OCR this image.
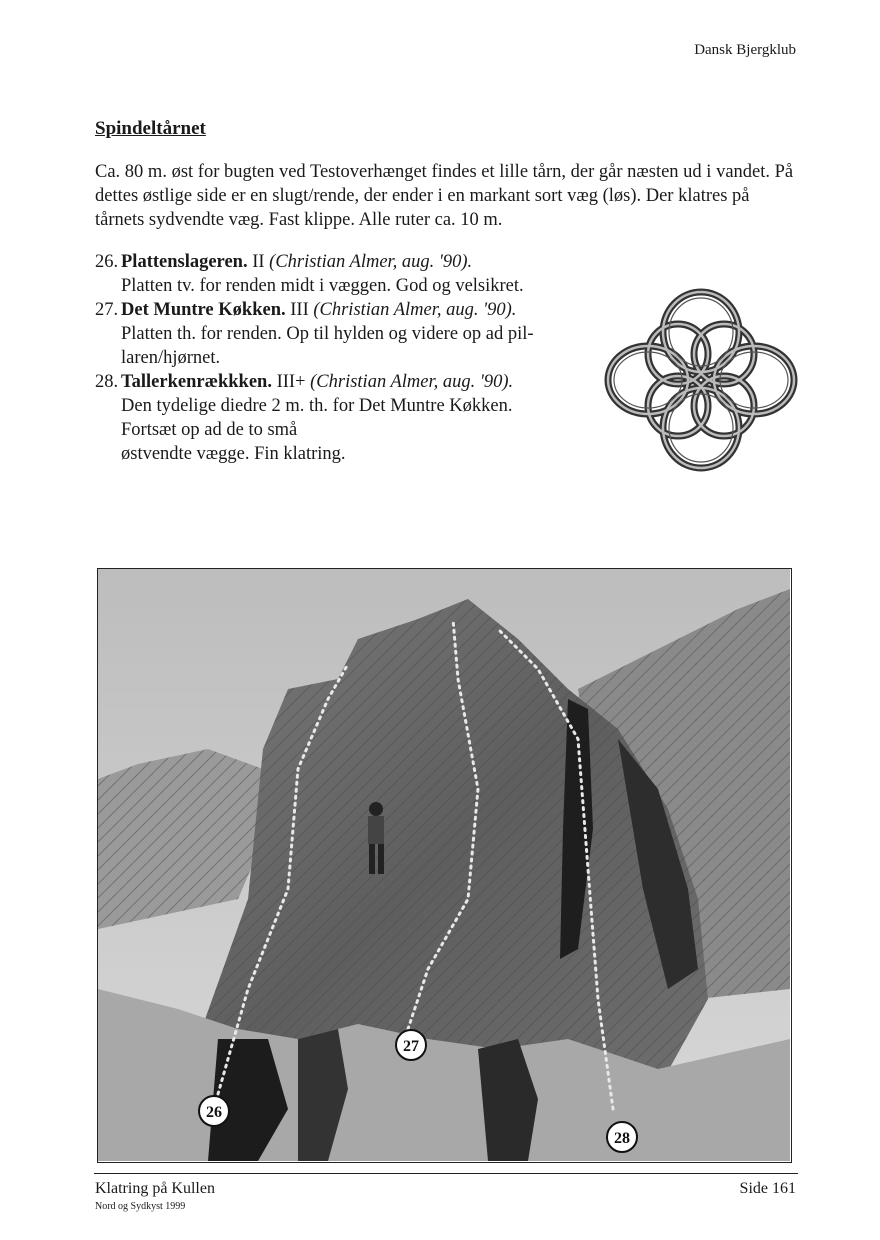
Dansk Bjergklub
Spindeltårnet
Ca. 80 m. øst for bugten ved Testoverhænget findes et lille tårn, der går næsten ud i vandet. På dettes østlige side er en slugt/rende, der ender i en markant sort væg (løs). Der klatres på tårnets sydvendte væg. Fast klippe. Alle ruter ca. 10 m.
26. Plattenslageren. II (Christian Almer, aug. '90).
Platten tv. for renden midt i væggen. God og velsikret.
27. Det Muntre Køkken. III (Christian Almer, aug. '90).
Platten th. for renden. Op til hylden og videre op ad pil-
laren/hjørnet.
28. Tallerkenrækkken. III+ (Christian Almer, aug. '90).
Den tydelige diedre 2 m. th. for Det Muntre Køkken.
Fortsæt op ad de to små
østvendte vægge. Fin klatring.
26
27
28
Klatring på Kullen
Nord og Sydkyst 1999
Side 161
